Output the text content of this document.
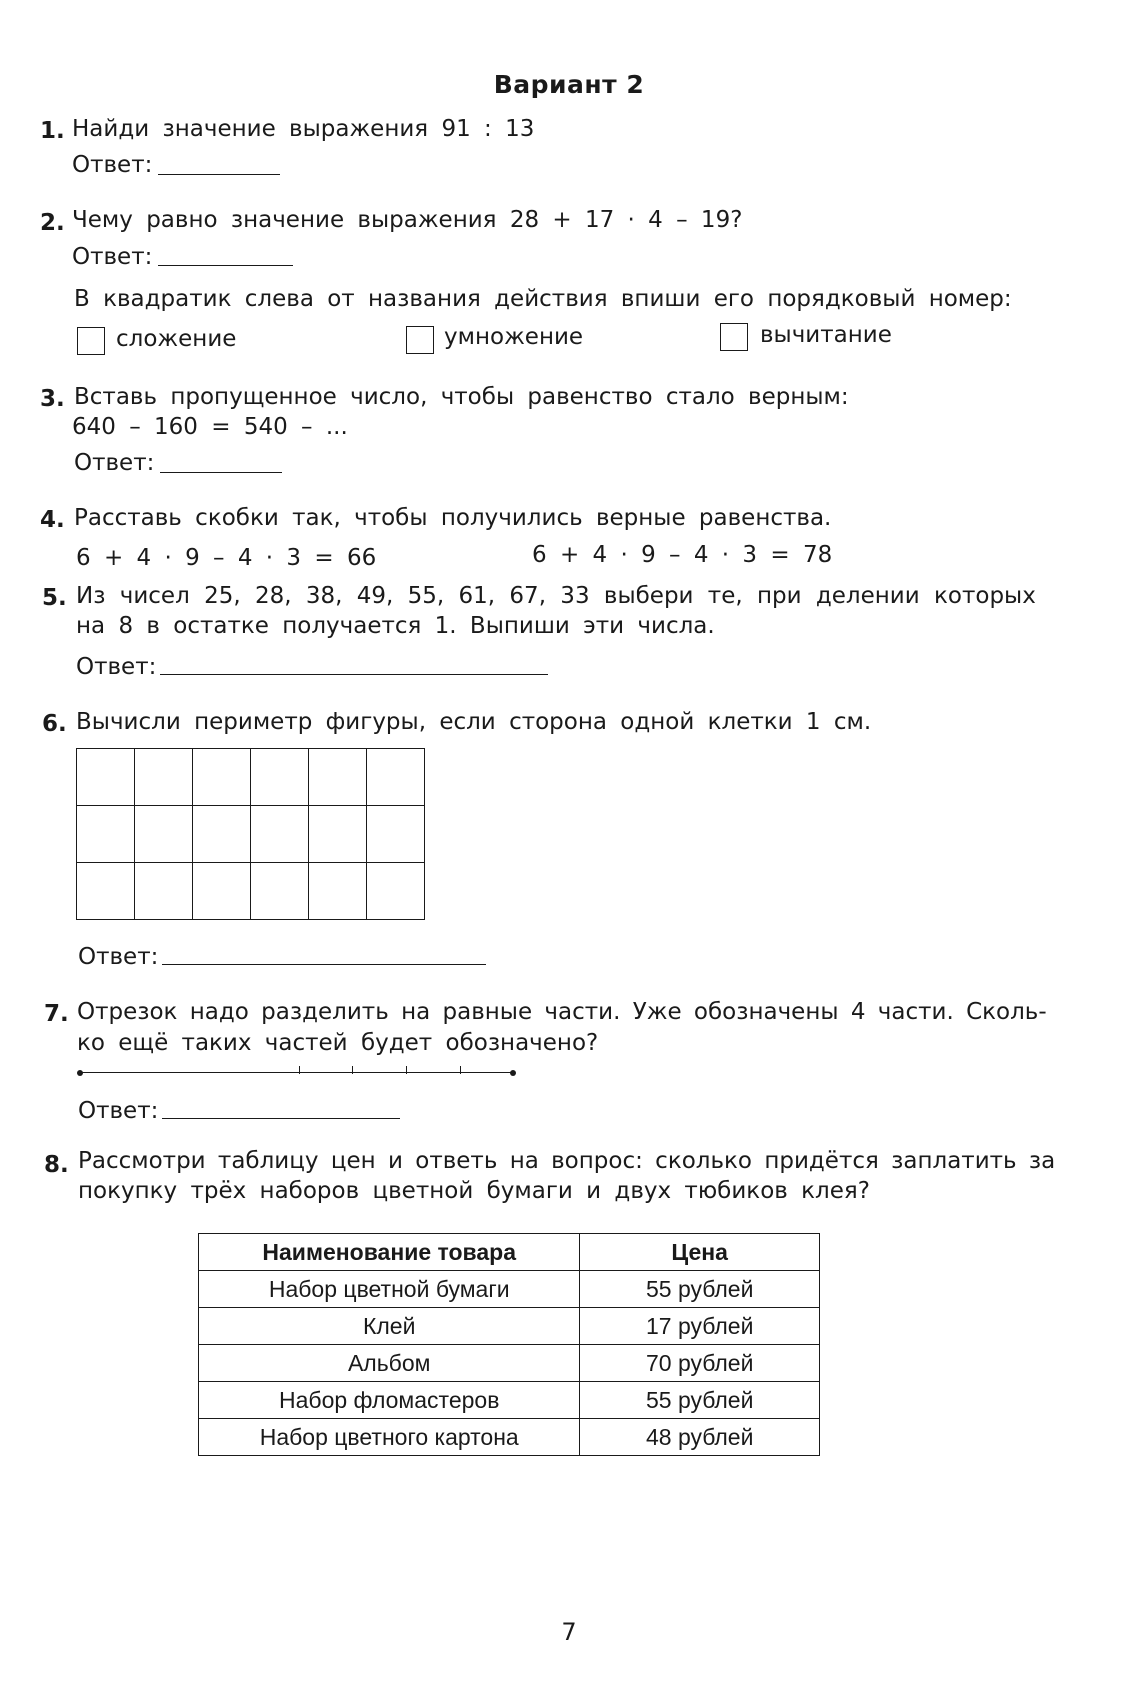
Вариант 2
1. Найди значение выражения 91 : 13
Ответ:
2. Чему равно значение выражения 28 + 17 · 4 – 19?
Ответ:
В квадратик слева от названия действия впиши его порядковый номер:
сложение	умножение	вычитание
3. Вставь пропущенное число, чтобы равенство стало верным:
640 – 160 = 540 – ...
Ответ:
4. Расставь скобки так, чтобы получились верные равенства.
6 + 4 · 9 – 4 · 3 = 66	6 + 4 · 9 – 4 · 3 = 78
5. Из чисел 25, 28, 38, 49, 55, 61, 67, 33 выбери те, при делении которых
на 8 в остатке получается 1. Выпиши эти числа.
Ответ:
6. Вычисли периметр фигуры, если сторона одной клетки 1 см.

Ответ:
7. Отрезок надо разделить на равные части. Уже обозначены 4 части. Сколь-
ко ещё таких частей будет обозначено?
Ответ:
8. Рассмотри таблицу цен и ответь на вопрос: сколько придётся заплатить за
покупку трёх наборов цветной бумаги и двух тюбиков клея?
Наименование товара	Цена
Набор цветной бумаги	55 рублей
Клей	17 рублей
Альбом	70 рублей
Набор фломастеров	55 рублей
Набор цветного картона	48 рублей
7
